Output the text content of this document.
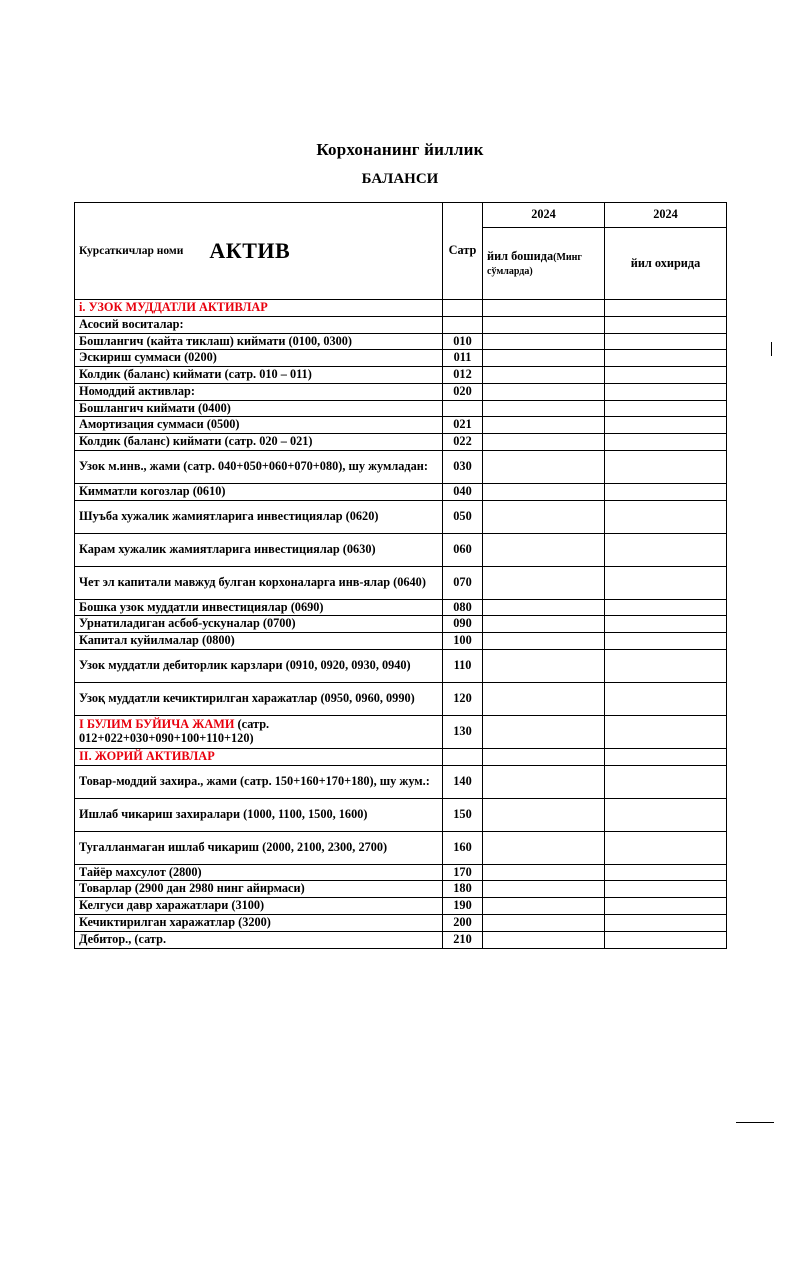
Корхонанинг йиллик
БАЛАНСИ
Курсаткичлар номи АКТИВ	Сатр	2024	2024
		йил бошида(Минг сўмларда)	йил охирида
i. УЗОК МУДДАТЛИ АКТИВЛАР			
Асосий воситалар:			
Бошлангич (кайта тиклаш) киймати (0100, 0300)	010		
Эскириш суммаси (0200)	011		
Колдик (баланс) киймати (сатр. 010 – 011)	012		
Номоддий активлар:	020		
Бошлангич киймати (0400)			
Амортизация суммаси (0500)	021		
Колдик (баланс) киймати (сатр. 020 – 021)	022		
Узок м.инв., жами (сатр. 040+050+060+070+080), шу жумладан:	030		
Кимматли когозлар (0610)	040		
Шуъба хужалик жамиятларига инвестициялар (0620)	050		
Карам хужалик жамиятларига инвестициялар (0630)	060		
Чет эл капитали мавжуд булган корхоналарга инв-ялар (0640)	070		
Бошка узок муддатли инвестициялар (0690)	080		
Урнатиладиган асбоб-ускуналар (0700)	090		
Капитал куйилмалар (0800)	100		
Узок муддатли дебиторлик карзлари (0910, 0920, 0930, 0940)	110		
Узоқ муддатли кечиктирилган харажатлар (0950, 0960, 0990)	120		
I БУЛИМ БУЙИЧА ЖАМИ (сатр. 012+022+030+090+100+110+120)	130		
II. ЖОРИЙ АКТИВЛАР			
Товар-моддий захира., жами (сатр. 150+160+170+180), шу жум.:	140		
Ишлаб чикариш захиралари (1000, 1100, 1500, 1600)	150		
Тугалланмаган ишлаб чикариш (2000, 2100, 2300, 2700)	160		
Тайёр махсулот (2800)	170		
Товарлар (2900 дан 2980 нинг айирмаси)	180		
Келгуси давр харажатлари (3100)	190		
Кечиктирилган харажатлар (3200)	200		
Дебитор., (сатр.	210		
